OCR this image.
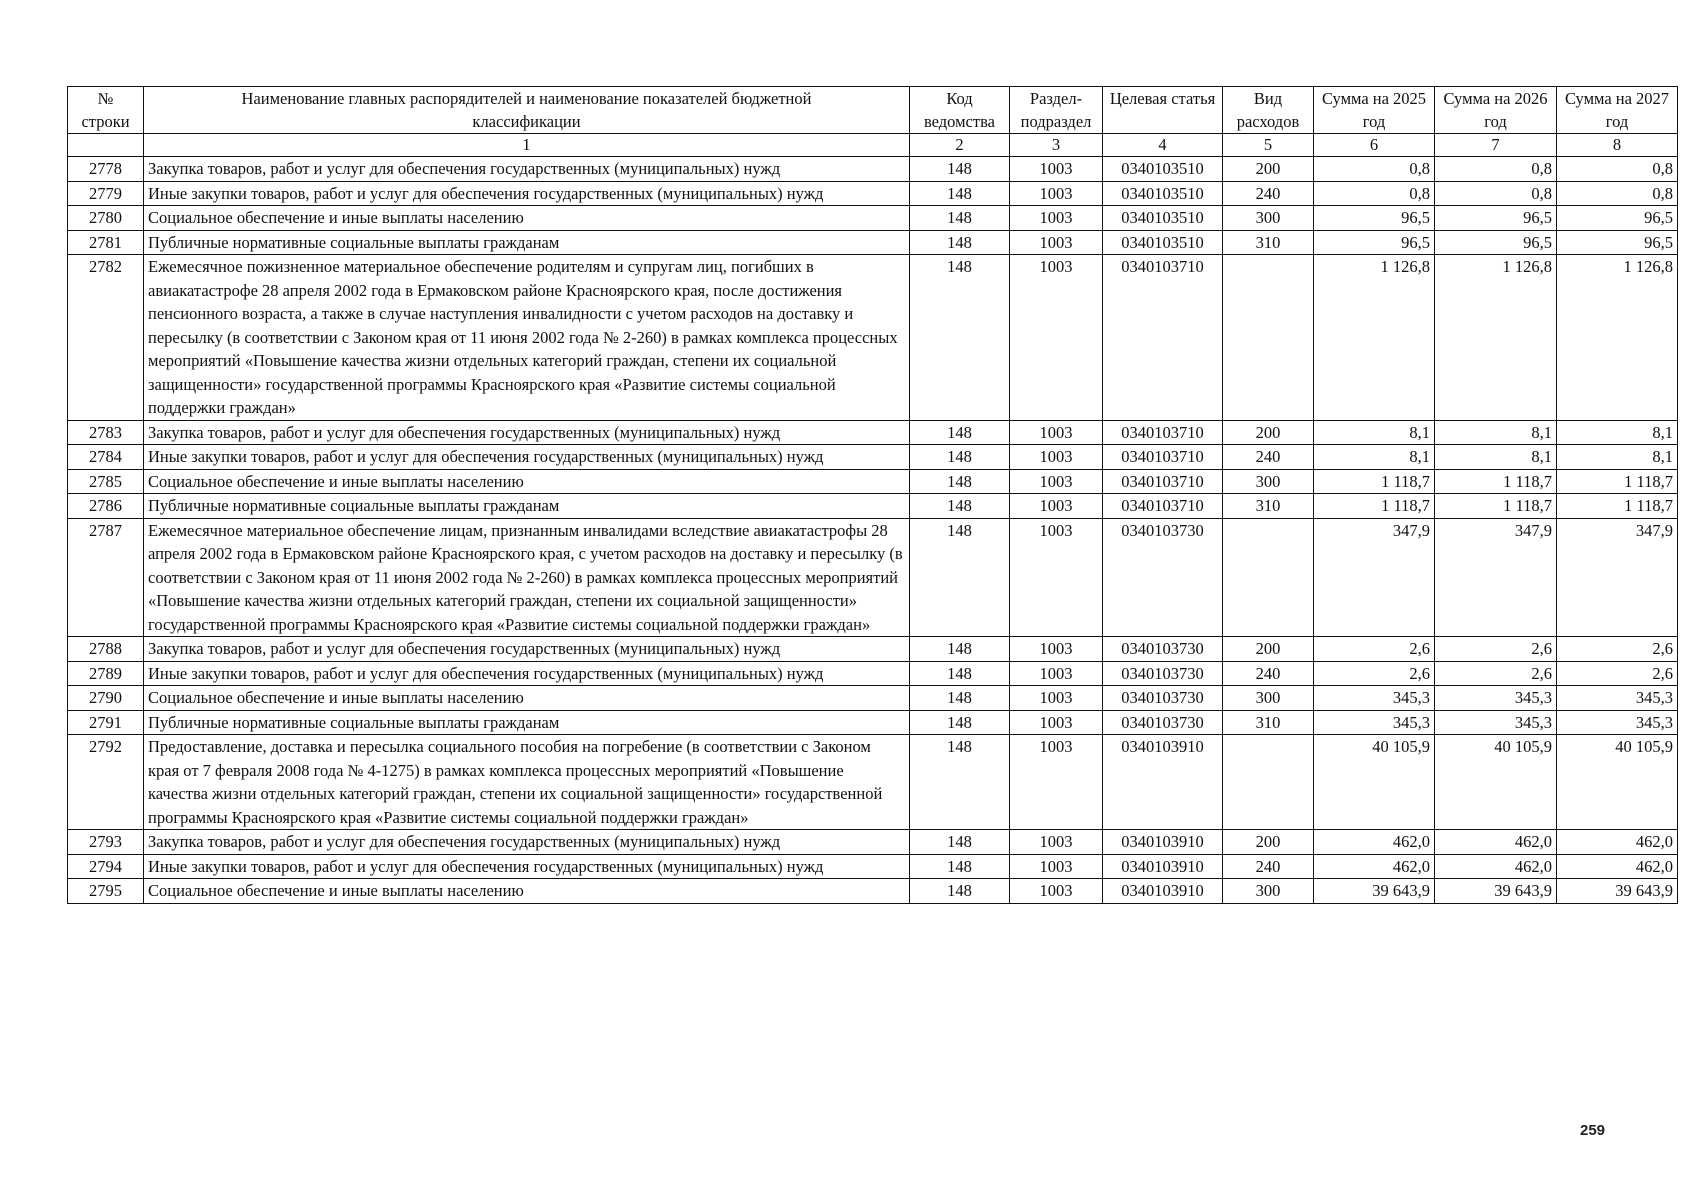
№ строки	Наименование главных распорядителей и наименование показателей бюджетной классификации	Код ведомства	Раздел-подраздел	Целевая статья	Вид расходов	Сумма на 2025 год	Сумма на 2026 год	Сумма на 2027 год
	1	2	3	4	5	6	7	8
2778	Закупка товаров, работ и услуг для обеспечения государственных (муниципальных) нужд	148	1003	0340103510	200	0,8	0,8	0,8
2779	Иные закупки товаров, работ и услуг для обеспечения государственных (муниципальных) нужд	148	1003	0340103510	240	0,8	0,8	0,8
2780	Социальное обеспечение и иные выплаты населению	148	1003	0340103510	300	96,5	96,5	96,5
2781	Публичные нормативные социальные выплаты гражданам	148	1003	0340103510	310	96,5	96,5	96,5
2782	Ежемесячное пожизненное материальное обеспечение родителям и супругам лиц, погибших в авиакатастрофе 28 апреля 2002 года в Ермаковском районе Красноярского края, после достижения пенсионного возраста, а также в случае наступления инвалидности с учетом расходов на доставку и пересылку (в соответствии с Законом края от 11 июня 2002 года № 2-260) в рамках комплекса процессных мероприятий «Повышение качества жизни отдельных категорий граждан, степени их социальной защищенности» государственной программы Красноярского края «Развитие системы социальной поддержки граждан»	148	1003	0340103710		1 126,8	1 126,8	1 126,8
2783	Закупка товаров, работ и услуг для обеспечения государственных (муниципальных) нужд	148	1003	0340103710	200	8,1	8,1	8,1
2784	Иные закупки товаров, работ и услуг для обеспечения государственных (муниципальных) нужд	148	1003	0340103710	240	8,1	8,1	8,1
2785	Социальное обеспечение и иные выплаты населению	148	1003	0340103710	300	1 118,7	1 118,7	1 118,7
2786	Публичные нормативные социальные выплаты гражданам	148	1003	0340103710	310	1 118,7	1 118,7	1 118,7
2787	Ежемесячное материальное обеспечение лицам, признанным инвалидами вследствие авиакатастрофы 28 апреля 2002 года в Ермаковском районе Красноярского края, с учетом расходов на доставку и пересылку (в соответствии с Законом края от 11 июня 2002 года № 2-260) в рамках комплекса процессных мероприятий «Повышение качества жизни отдельных категорий граждан, степени их социальной защищенности» государственной программы Красноярского края «Развитие системы социальной поддержки граждан»	148	1003	0340103730		347,9	347,9	347,9
2788	Закупка товаров, работ и услуг для обеспечения государственных (муниципальных) нужд	148	1003	0340103730	200	2,6	2,6	2,6
2789	Иные закупки товаров, работ и услуг для обеспечения государственных (муниципальных) нужд	148	1003	0340103730	240	2,6	2,6	2,6
2790	Социальное обеспечение и иные выплаты населению	148	1003	0340103730	300	345,3	345,3	345,3
2791	Публичные нормативные социальные выплаты гражданам	148	1003	0340103730	310	345,3	345,3	345,3
2792	Предоставление, доставка и пересылка социального пособия на погребение (в соответствии с Законом края от 7 февраля 2008 года № 4-1275) в рамках комплекса процессных мероприятий «Повышение качества жизни отдельных категорий граждан, степени их социальной защищенности» государственной программы Красноярского края «Развитие системы социальной поддержки граждан»	148	1003	0340103910		40 105,9	40 105,9	40 105,9
2793	Закупка товаров, работ и услуг для обеспечения государственных (муниципальных) нужд	148	1003	0340103910	200	462,0	462,0	462,0
2794	Иные закупки товаров, работ и услуг для обеспечения государственных (муниципальных) нужд	148	1003	0340103910	240	462,0	462,0	462,0
2795	Социальное обеспечение и иные выплаты населению	148	1003	0340103910	300	39 643,9	39 643,9	39 643,9
259
